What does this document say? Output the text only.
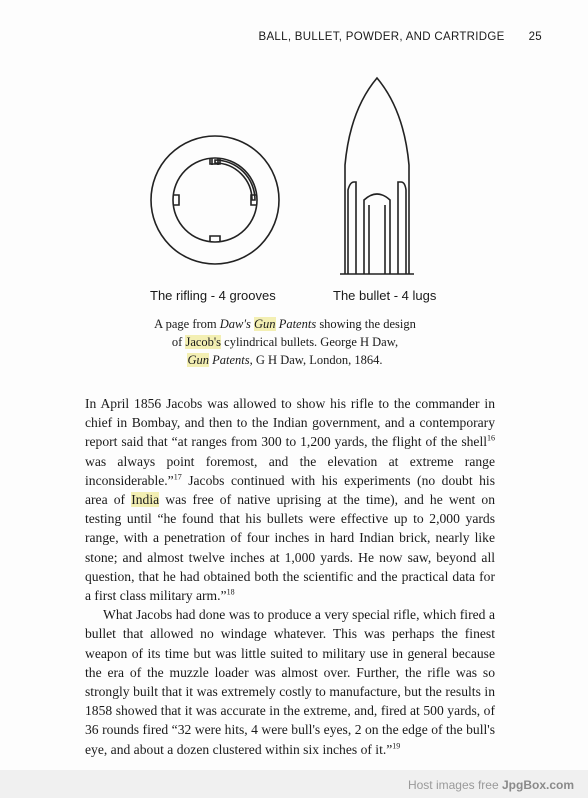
BALL, BULLET, POWDER, AND CARTRIDGE 25
The rifling - 4 grooves	The bullet - 4 lugs
A page from Daw's Gun Patents showing the design
of Jacob's cylindrical bullets. George H Daw,
Gun Patents, G H Daw, London, 1864.

In April 1856 Jacobs was allowed to show his rifle to the commander in chief in Bombay, and then to the Indian government, and a contemporary report said that “at ranges from 300 to 1,200 yards, the flight of the shell$^{16}$ was always point foremost, and the elevation at extreme range inconsiderable.”$^{17}$ Jacobs continued with his experiments (no doubt his area of India was free of native uprising at the time), and he went on testing until “he found that his bullets were effective up to 2,000 yards range, with a penetration of four inches in hard Indian brick, nearly like stone; and almost twelve inches at 1,000 yards. He now saw, beyond all question, that he had obtained both the scientific and the practical data for a first class military arm.”$^{18}$

What Jacobs had done was to produce a very special rifle, which fired a bullet that allowed no windage whatever. This was perhaps the finest weapon of its time but was little suited to military use in general because the era of the muzzle loader was almost over. Further, the rifle was so strongly built that it was extremely costly to manufacture, but the results in 1858 showed that it was accurate in the extreme, and, fired at 500 yards, of 36 rounds fired “32 were hits, 4 were bull's eyes, 2 on the edge of the bull's eye, and about a dozen clustered within six inches of it.”$^{19}$

Host images free JpgBox.com
